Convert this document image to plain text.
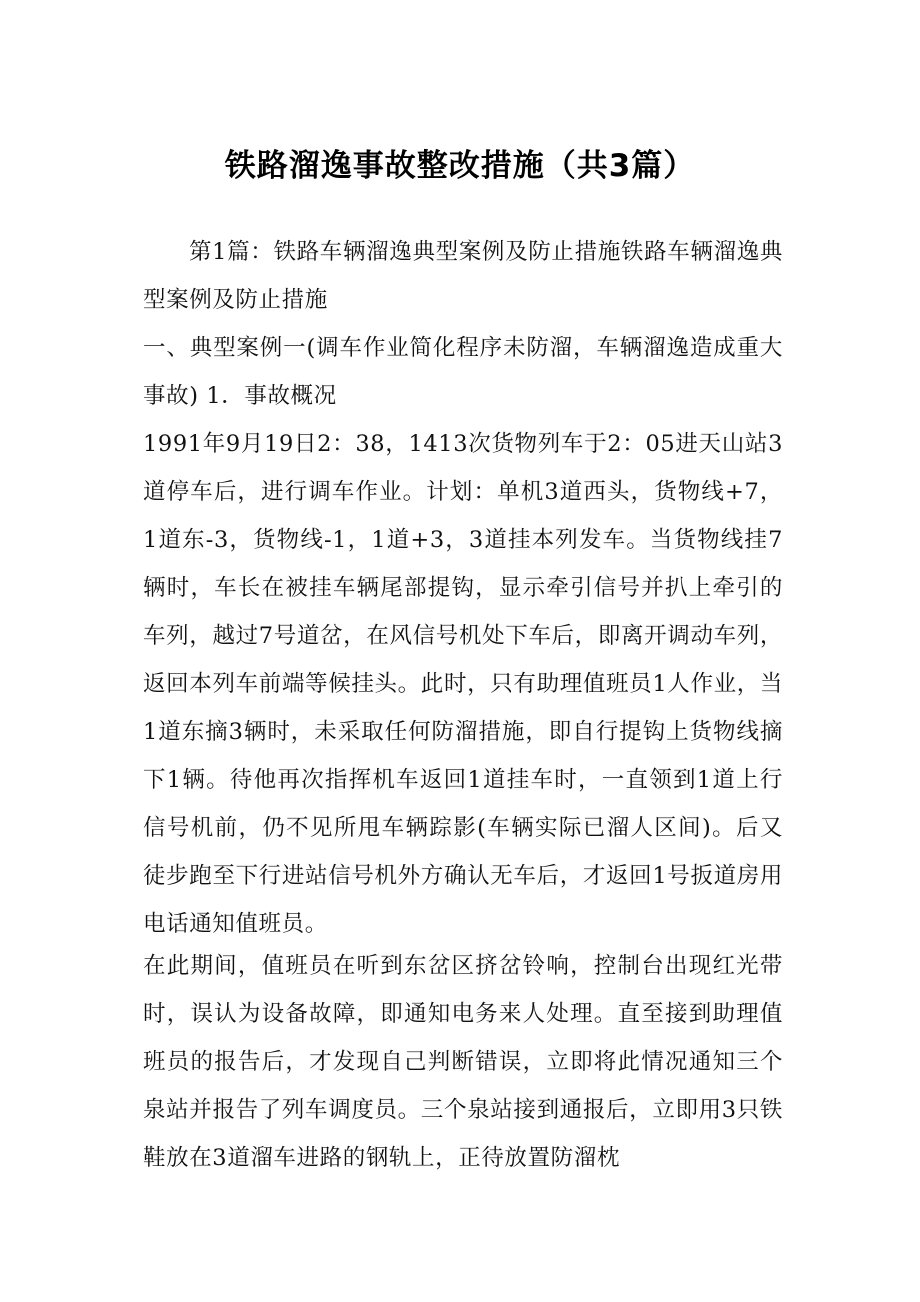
铁路溜逸事故整改措施（共3篇）

第1篇：铁路车辆溜逸典型案例及防止措施铁路车辆溜逸典型案例及防止措施

一、典型案例一(调车作业简化程序未防溜，车辆溜逸造成重大事故) 1．事故概况

1991年9月19日2：38，1413次货物列车于2：05进天山站3道停车后，进行调车作业。计划：单机3道西头，货物线+7，1道东-3，货物线-1，1道+3，3道挂本列发车。当货物线挂7辆时，车长在被挂车辆尾部提钩，显示牵引信号并扒上牵引的车列，越过7号道岔，在风信号机处下车后，即离开调动车列，返回本列车前端等候挂头。此时，只有助理值班员1人作业，当1道东摘3辆时，未采取任何防溜措施，即自行提钩上货物线摘下1辆。待他再次指挥机车返回1道挂车时，一直领到1道上行信号机前，仍不见所甩车辆踪影(车辆实际已溜人区间)。后又徒步跑至下行进站信号机外方确认无车后，才返回1号扳道房用电话通知值班员。

在此期间，值班员在听到东岔区挤岔铃响，控制台出现红光带时，误认为设备故障，即通知电务来人处理。直至接到助理值班员的报告后，才发现自己判断错误，立即将此情况通知三个泉站并报告了列车调度员。三个泉站接到通报后，立即用3只铁鞋放在3道溜车进路的钢轨上，正待放置防溜枕
